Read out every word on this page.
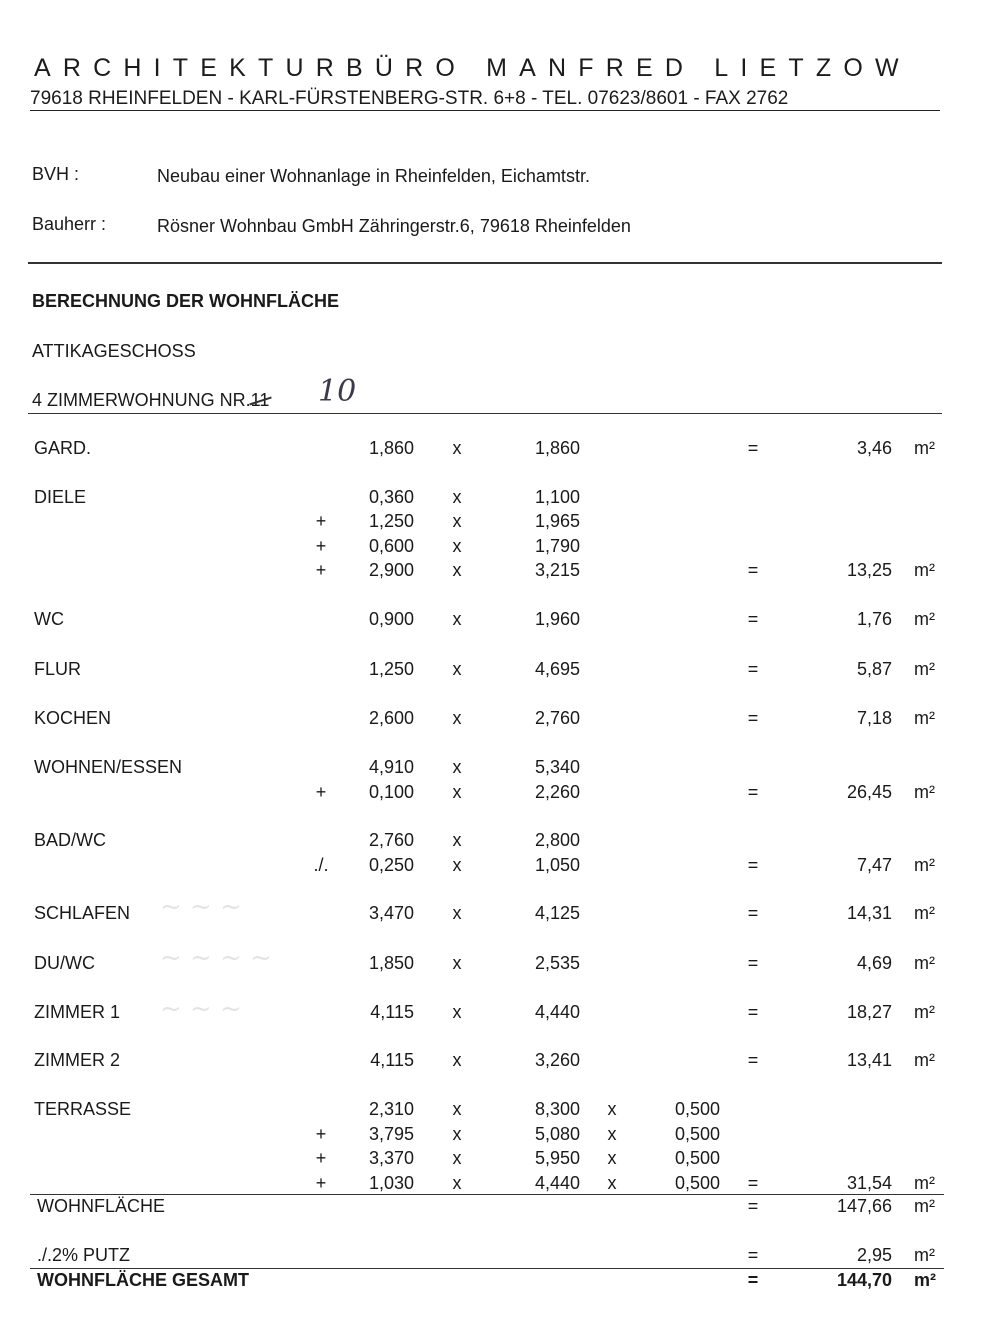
ARCHITEKTURBÜRO MANFRED LIETZOW
79618 RHEINFELDEN - KARL-FÜRSTENBERG-STR. 6+8 - TEL. 07623/8601 - FAX 2762
BVH :	Neubau einer Wohnanlage in Rheinfelden, Eichamtstr.
Bauherr :	Rösner Wohnbau GmbH Zähringerstr.6, 79618 Rheinfelden
BERECHNUNG DER WOHNFLÄCHE
ATTIKAGESCHOSS
4 ZIMMERWOHNUNG NR.11 10
~ ~ ~
~ ~ ~ ~
~ ~ ~
GARD.	1,860 x	1,860	=	3,46 m²
DIELE	0,360 x	1,100
+	1,250 x	1,965
+	0,600 x	1,790
+	2,900 x	3,215	=	13,25 m²
WC	0,900 x	1,960	=	1,76 m²
FLUR	1,250 x	4,695	=	5,87 m²
KOCHEN	2,600 x	2,760	=	7,18 m²
WOHNEN/ESSEN	4,910 x	5,340
+	0,100 x	2,260	=	26,45 m²
BAD/WC	2,760 x	2,800
./.	0,250 x	1,050	=	7,47 m²
SCHLAFEN	3,470 x	4,125	=	14,31 m²
DU/WC	1,850 x	2,535	=	4,69 m²
ZIMMER 1	4,115 x	4,440	=	18,27 m²
ZIMMER 2	4,115 x	3,260	=	13,41 m²
TERRASSE	2,310 x	8,300 x	0,500
+	3,795 x	5,080 x	0,500
+	3,370 x	5,950 x	0,500
+	1,030 x	4,440 x	0,500 =	31,54 m²
WOHNFLÄCHE	=	147,66 m²
./.2% PUTZ	=	2,95 m²
WOHNFLÄCHE GESAMT	=	144,70 m²
